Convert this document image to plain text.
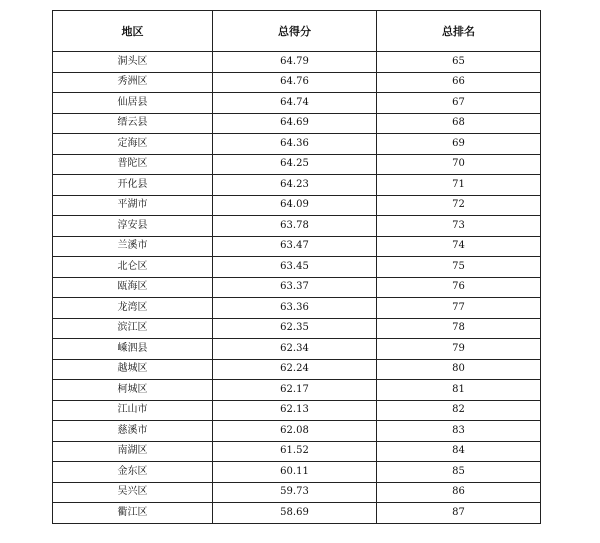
地区	总得分	总排名
洞头区	64.79	65
秀洲区	64.76	66
仙居县	64.74	67
缙云县	64.69	68
定海区	64.36	69
普陀区	64.25	70
开化县	64.23	71
平湖市	64.09	72
淳安县	63.78	73
兰溪市	63.47	74
北仑区	63.45	75
瓯海区	63.37	76
龙湾区	63.36	77
滨江区	62.35	78
嵊泗县	62.34	79
越城区	62.24	80
柯城区	62.17	81
江山市	62.13	82
慈溪市	62.08	83
南湖区	61.52	84
金东区	60.11	85
吴兴区	59.73	86
衢江区	58.69	87
